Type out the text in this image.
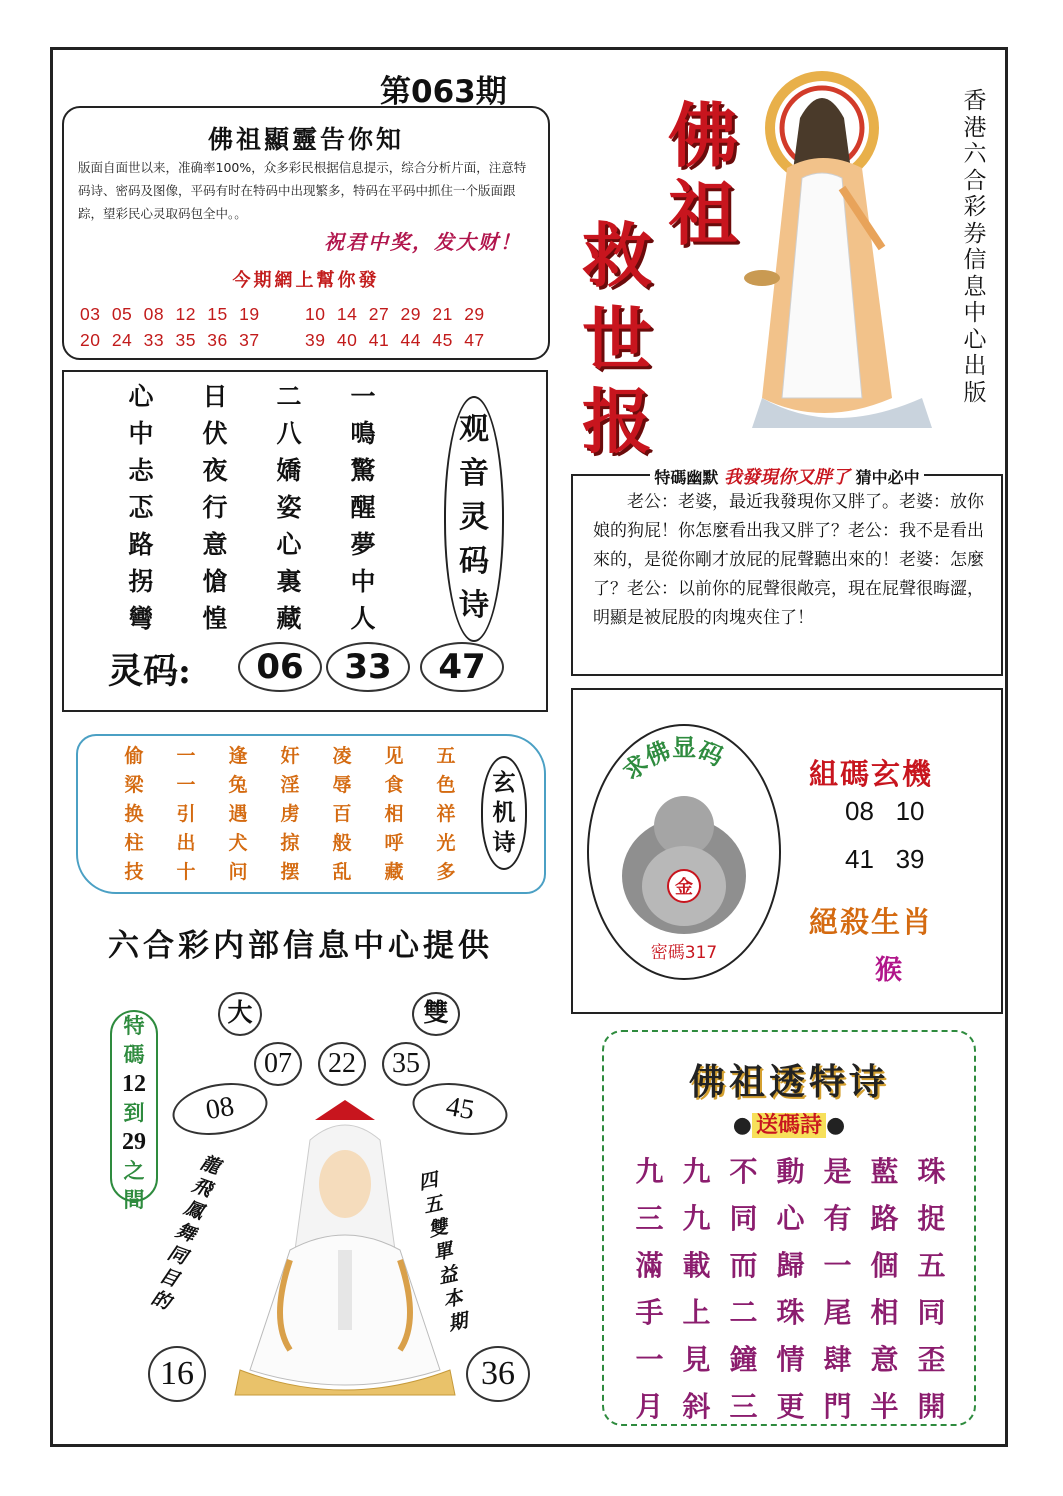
第063期
佛祖顯靈告你知
版面自面世以来，准确率100%，众多彩民根据信息提示，综合分析片面，注意特码诗、密码及图像，平码有时在特码中出现繁多，特码在平码中抓住一个版面跟踪，望彩民心灵取码包全中。。
祝君中奖，发大财！
今期網上幫你發
03 05 08 12 15 19    10 14 27 29 21 29
20 24 33 35 36 37    39 40 41 44 45 47
佛
祖
救
世
报
香港六合彩券信息中心出版
心	日	二	一
中	伏	八	鳴
忐	夜	嬌	驚
忑	行	姿	醒
路	意	心	夢
拐	愴	裏	中
彎	惶	藏	人
观
音
灵
码
诗
灵码:	06	33	47
偷	一	逢	奸	凌	见	五
梁	一	兔	淫	辱	食	色
换	引	遇	虏	百	相	祥
柱	出	犬	掠	般	呼	光
技	十	问	摆	乱	藏	多
玄
机
诗
六合彩内部信息中心提供
大	雙
07	22	35
08	45
特
碼
12
到
29
之
間
龍飛鳳舞同目的
四五雙單益本期
16	36
特碼幽默 我發現你又胖了 猜中必中
　　老公：老婆，最近我發現你又胖了。老婆：放你娘的狗屁！你怎麼看出我又胖了？老公：我不是看出來的，是從你剛才放屁的屁聲聽出來的！老婆：怎麼了？老公：以前你的屁聲很敞亮，現在屁聲很晦澀，明顯是被屁股的肉塊夾住了！
求佛显码
金
密碼317
組碼玄機
08   10
41   39
絕殺生肖
猴
佛祖透特诗
● 送碼詩 ●
九 九 不 動 是 藍 珠
三 九 同 心 有 路 捉
滿 載 而 歸 一 個 五
手 上 二 珠 尾 相 同
一 見 鐘 情 肆 意 歪
月 斜 三 更 門 半 開
